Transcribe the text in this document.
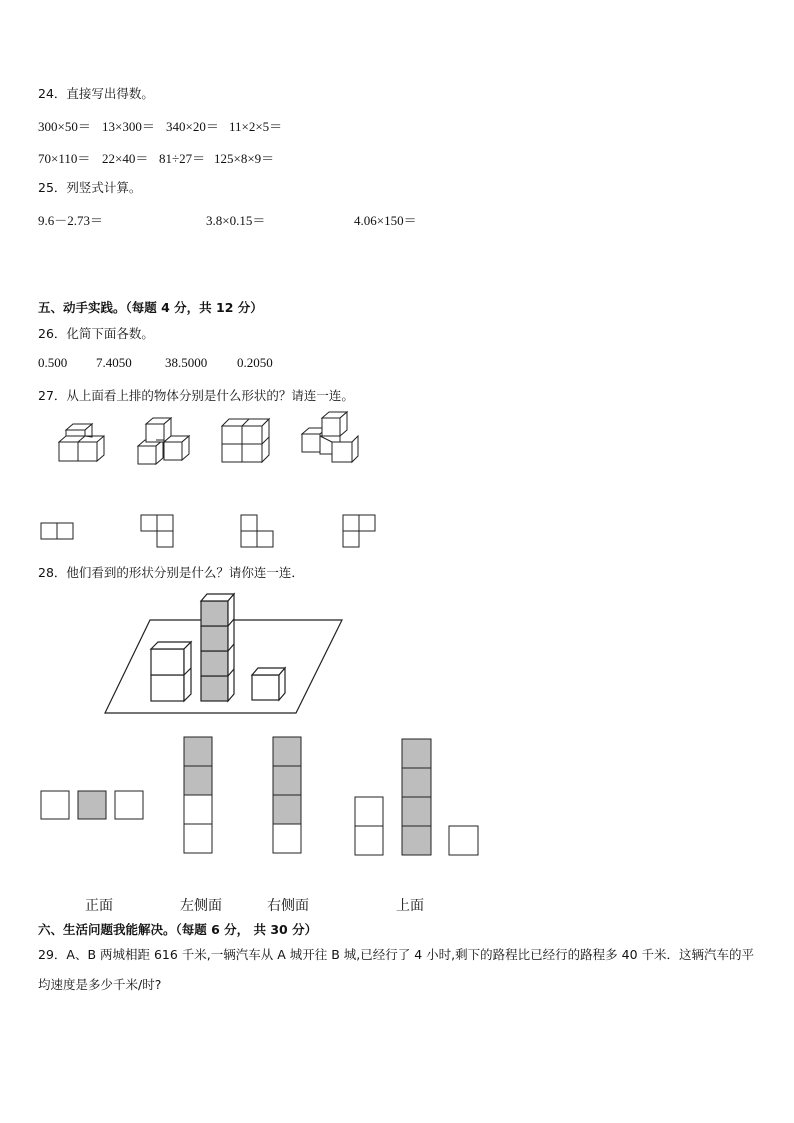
24．直接写出得数。
300×50＝ 13×300＝ 340×20＝ 11×2×5＝
70×110＝ 22×40＝ 81÷27＝ 125×8×9＝
25．列竖式计算。
9.6－2.73＝	3.8×0.15＝	4.06×150＝
五、动手实践。（每题 4 分，共 12 分）
26．化简下面各数。
0.500 7.4050	38.5000 0.2050
27．从上面看上排的物体分别是什么形状的？请连一连。
28．他们看到的形状分别是什么？请你连一连．
正面	左侧面	右侧面	上面
六、生活问题我能解决。（每题 6 分， 共 30 分）
29．A、B 两城相距 616 千米,一辆汽车从 A 城开往 B 城,已经行了 4 小时,剩下的路程比已经行的路程多 40 千米．这辆汽车的平均速度是多少千米/时?
